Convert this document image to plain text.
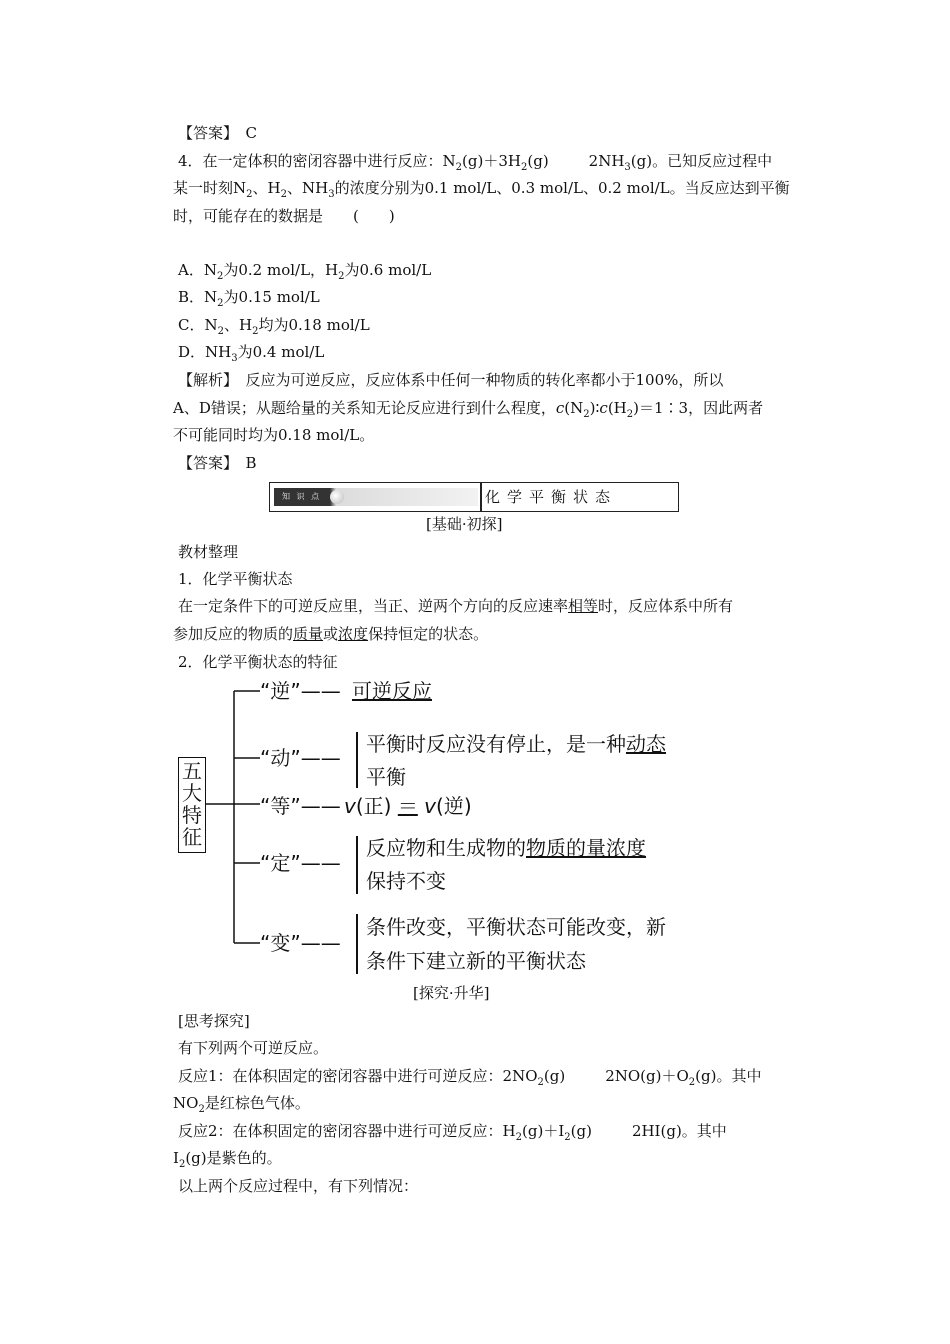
【答案】　 C
4．在一定体积的密闭容器中进行反应：$N_2(g)+3H_2(g)$	$2NH_3(g)$。已知反应过程中
某一时刻$N_2$、$H_2$、$NH_3$的浓度分别为0.1 mol/L、0.3 mol/L、0.2 mol/L。当反应达到平衡
时，可能存在的数据是　　(　　)
A．$N_2$为0.2 mol/L，$H_2$为0.6 mol/L
B．$N_2$为0.15 mol/L
C．$N_2$、$H_2$均为0.18 mol/L
D．$NH_3$为0.4 mol/L
【解析】　反应为可逆反应，反应体系中任何一种物质的转化率都小于100%，所以
A、D错误；从题给量的关系知无论反应进行到什么程度，$c(N_2)∶c(H_2)=1∶3$，因此两者
不可能同时均为0.18 mol/L。
【答案】　 B
知 识 点	化学平衡状态
[基础·初探]
教材整理
1．化学平衡状态
在一定条件下的可逆反应里，当正、逆两个方向的反应速率相等时，反应体系中所有
参加反应的物质的质量或浓度保持恒定的状态。
2．化学平衡状态的特征
五
大
特
征
“逆”—— 可逆反应
“动”——
平衡时反应没有停止，是一种动态
平衡
“等”—— v(正) ＝ v(逆)
“定”——
反应物和生成物的物质的量浓度
保持不变
“变”——
条件改变，平衡状态可能改变，新
条件下建立新的平衡状态
[探究·升华]
[思考探究]
有下列两个可逆反应。
反应1：在体积固定的密闭容器中进行可逆反应：$2NO_2(g)$	$2NO(g)+O_2(g)$。其中
$NO_2$是红棕色气体。
反应2：在体积固定的密闭容器中进行可逆反应：$H_2(g)+I_2(g)$	2HI(g)。其中
$I_2(g)$是紫色的。
以上两个反应过程中，有下列情况：
